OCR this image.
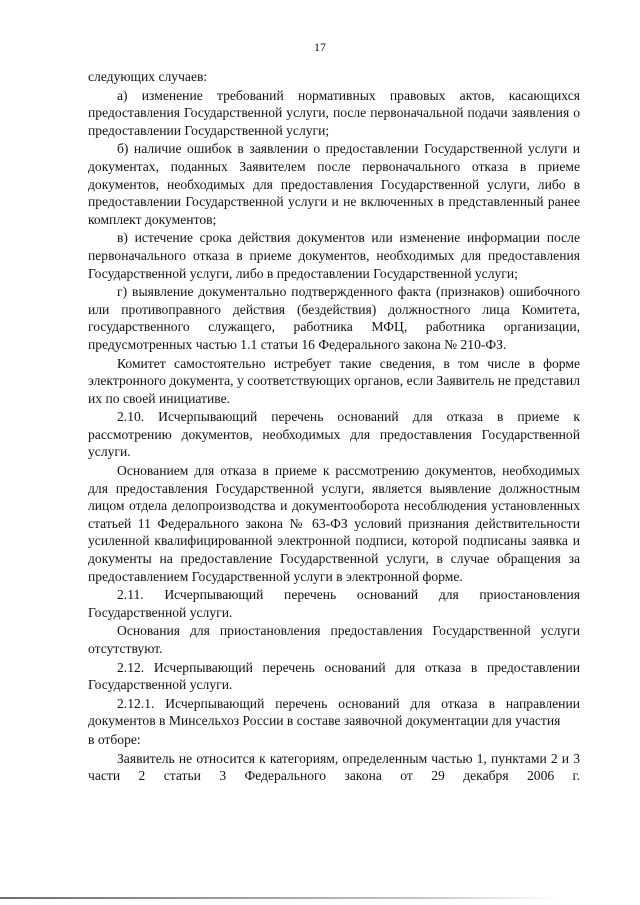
17

следующих случаев:

а) изменение требований нормативных правовых актов, касающихся предоставления Государственной услуги, после первоначальной подачи заявления о предоставлении Государственной услуги;

б) наличие ошибок в заявлении о предоставлении Государственной услуги и документах, поданных Заявителем после первоначального отказа в приеме документов, необходимых для предоставления Государственной услуги, либо в предоставлении Государственной услуги и не включенных в представленный ранее комплект документов;

в) истечение срока действия документов или изменение информации после первоначального отказа в приеме документов, необходимых для предоставления Государственной услуги, либо в предоставлении Государственной услуги;

г) выявление документально подтвержденного факта (признаков) ошибочного или противоправного действия (бездействия) должностного лица Комитета, государственного служащего, работника МФЦ, работника организации, предусмотренных частью 1.1 статьи 16 Федерального закона № 210-ФЗ.

Комитет самостоятельно истребует такие сведения, в том числе в форме электронного документа, у соответствующих органов, если Заявитель не представил их по своей инициативе.

2.10. Исчерпывающий перечень оснований для отказа в приеме к рассмотрению документов, необходимых для предоставления Государственной услуги.

Основанием для отказа в приеме к рассмотрению документов, необходимых для предоставления Государственной услуги, является выявление должностным лицом отдела делопроизводства и документооборота несоблюдения установленных статьей 11 Федерального закона № 63-ФЗ условий признания действительности усиленной квалифицированной электронной подписи, которой подписаны заявка и документы на предоставление Государственной услуги, в случае обращения за предоставлением Государственной услуги в электронной форме.

2.11. Исчерпывающий перечень оснований для приостановления Государственной услуги.

Основания для приостановления предоставления Государственной услуги отсутствуют.

2.12. Исчерпывающий перечень оснований для отказа в предоставлении Государственной услуги.

2.12.1. Исчерпывающий перечень оснований для отказа в направлении документов в Минсельхоз России в составе заявочной документации для участия

в отборе:

Заявитель не относится к категориям, определенным частью 1, пунктами 2 и 3 части 2 статьи 3 Федерального закона от 29 декабря 2006 г.
